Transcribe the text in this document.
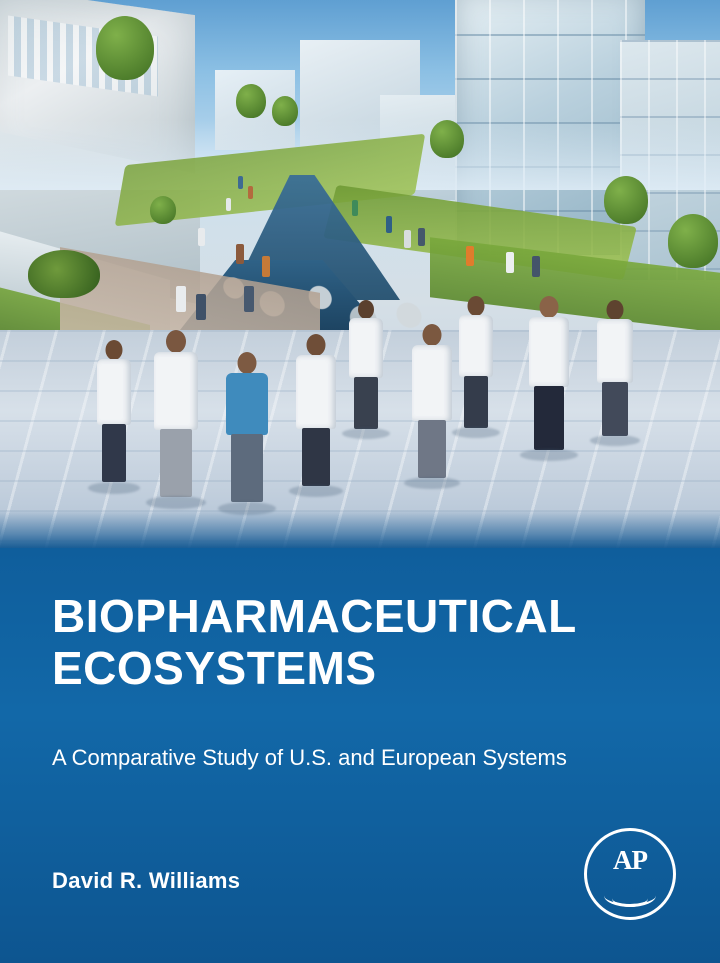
BIOPHARMACEUTICAL
ECOSYSTEMS
A Comparative Study of U.S. and European Systems
David R. Williams
AP
